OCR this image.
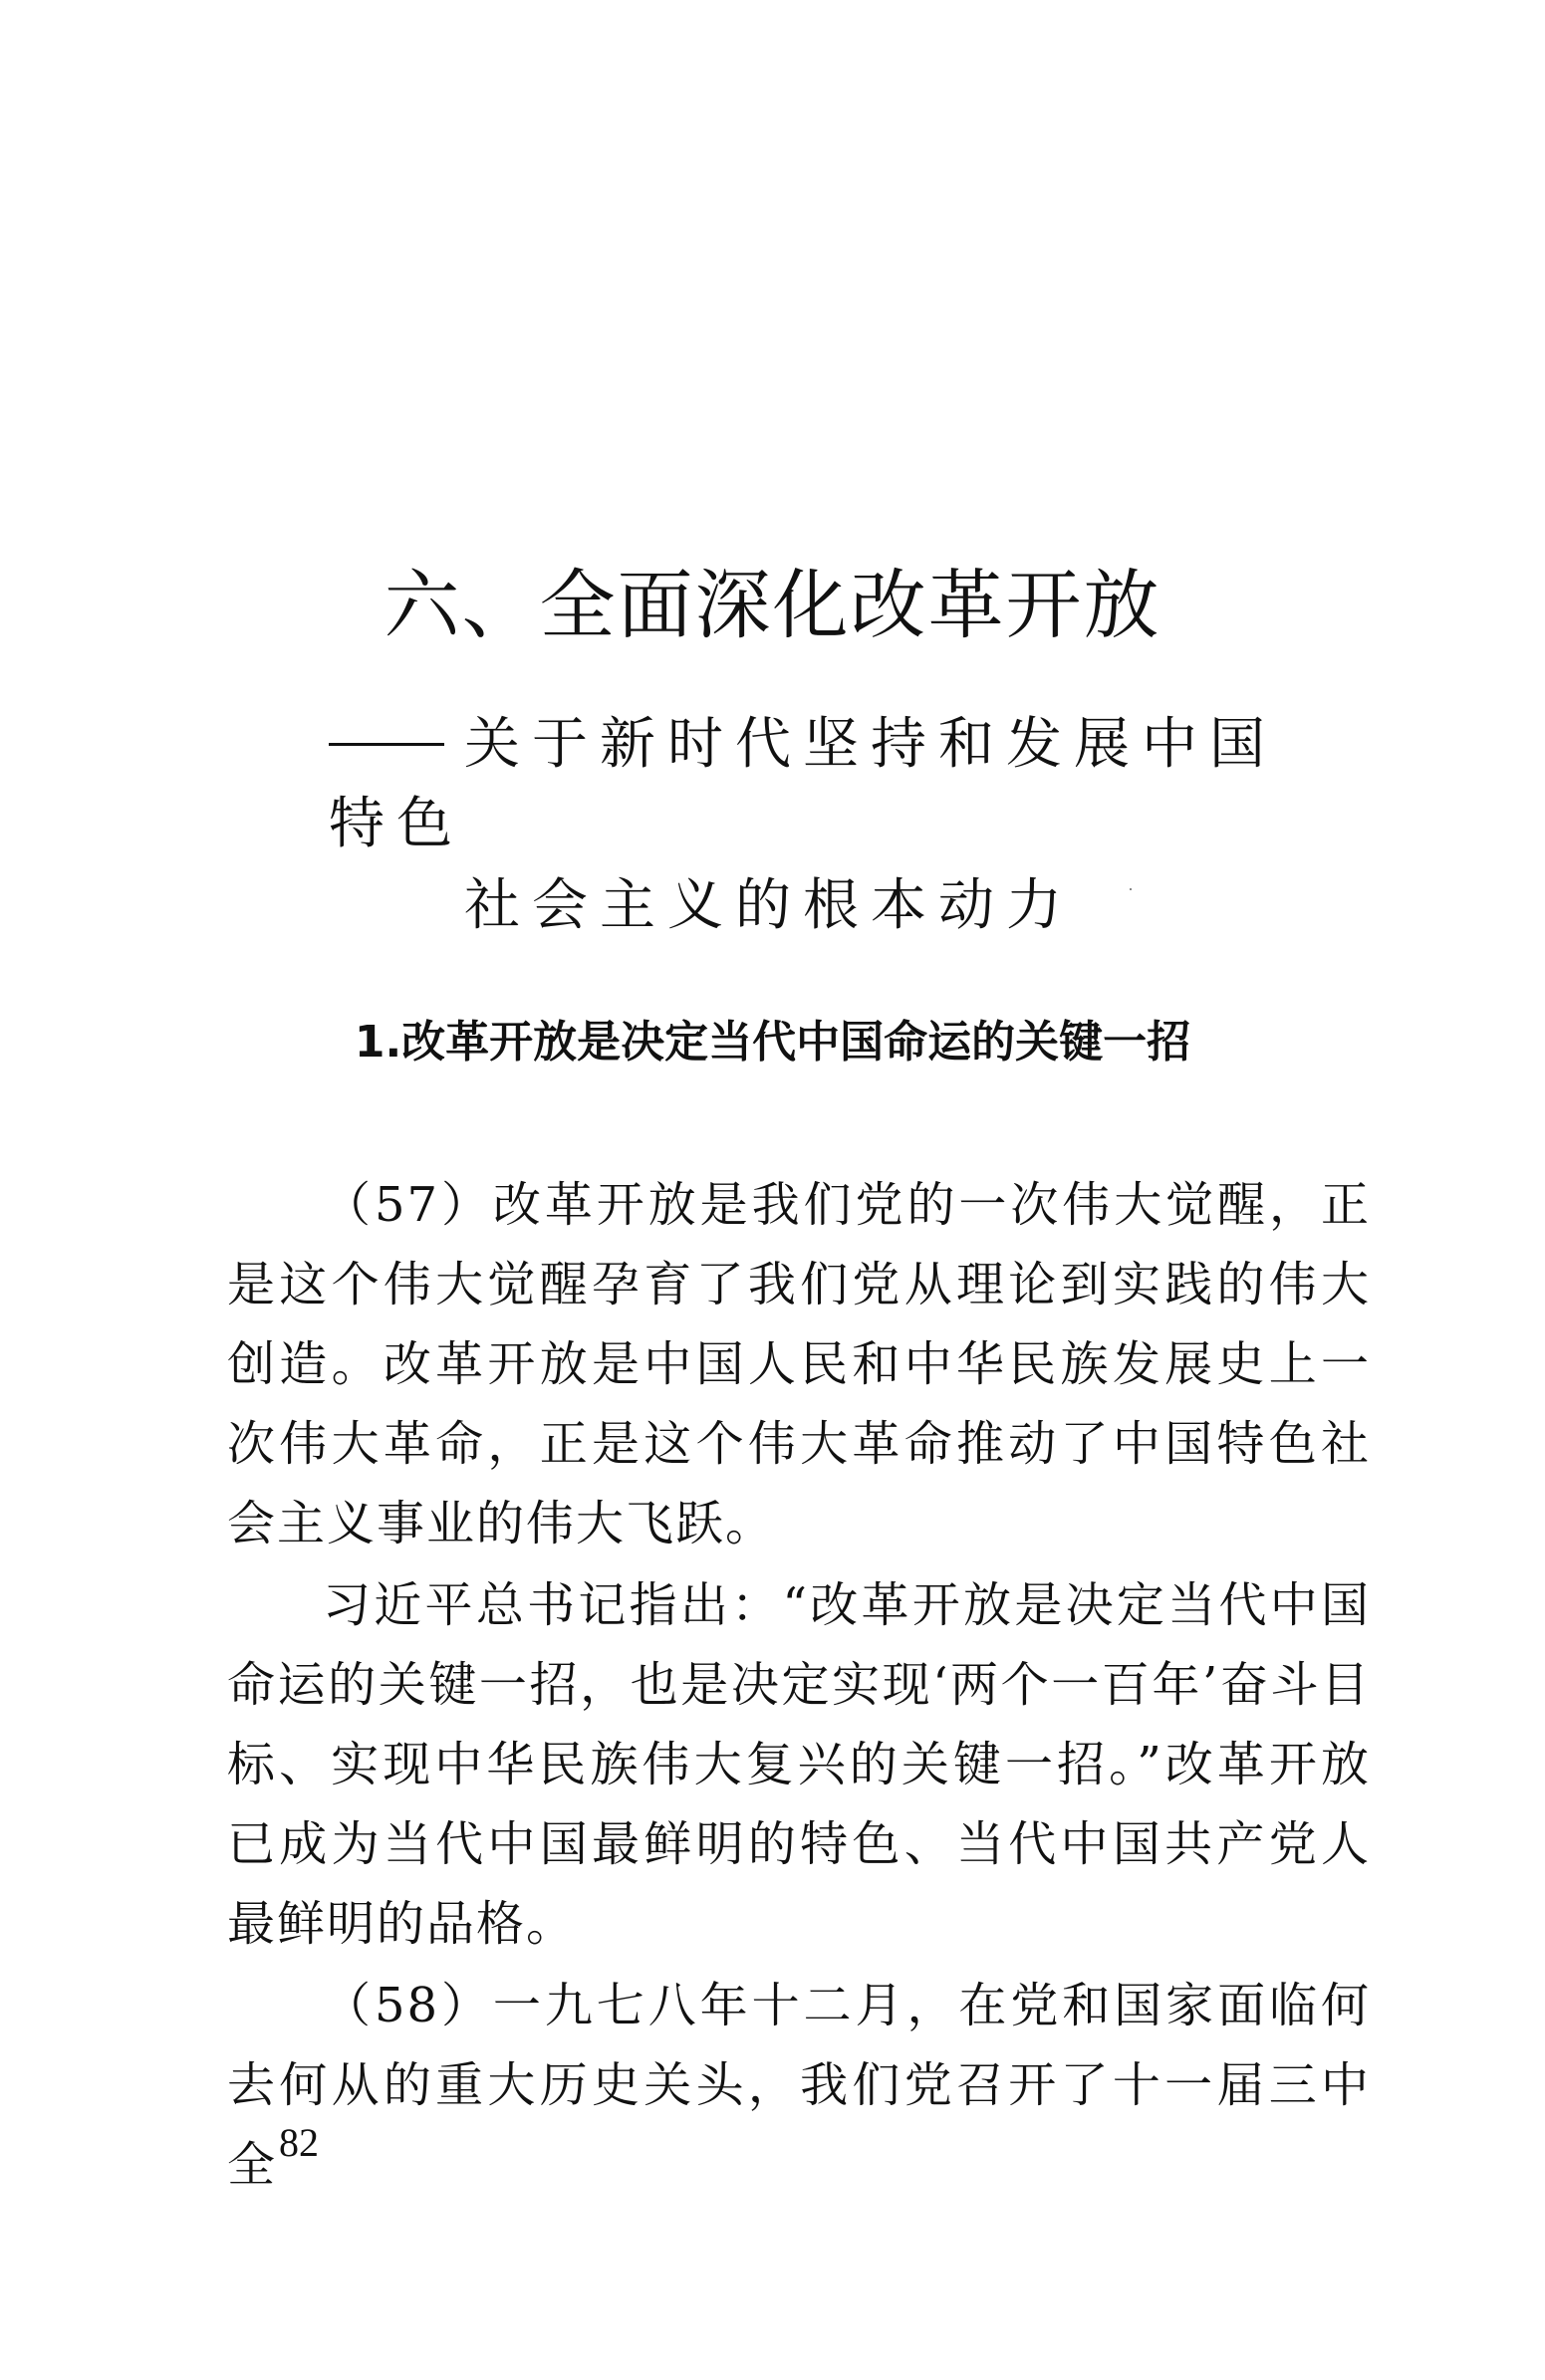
六、全面深化改革开放
关于新时代坚持和发展中国特色
社会主义的根本动力
1.改革开放是决定当代中国命运的关键一招

（57）改革开放是我们党的一次伟大觉醒，正是这个伟大觉醒孕育了我们党从理论到实践的伟大创造。改革开放是中国人民和中华民族发展史上一次伟大革命，正是这个伟大革命推动了中国特色社会主义事业的伟大飞跃。

习近平总书记指出：“改革开放是决定当代中国命运的关键一招，也是决定实现‘两个一百年’奋斗目标、实现中华民族伟大复兴的关键一招。”改革开放已成为当代中国最鲜明的特色、当代中国共产党人最鲜明的品格。

（58）一九七八年十二月，在党和国家面临何去何从的重大历史关头，我们党召开了十一届三中全 82
